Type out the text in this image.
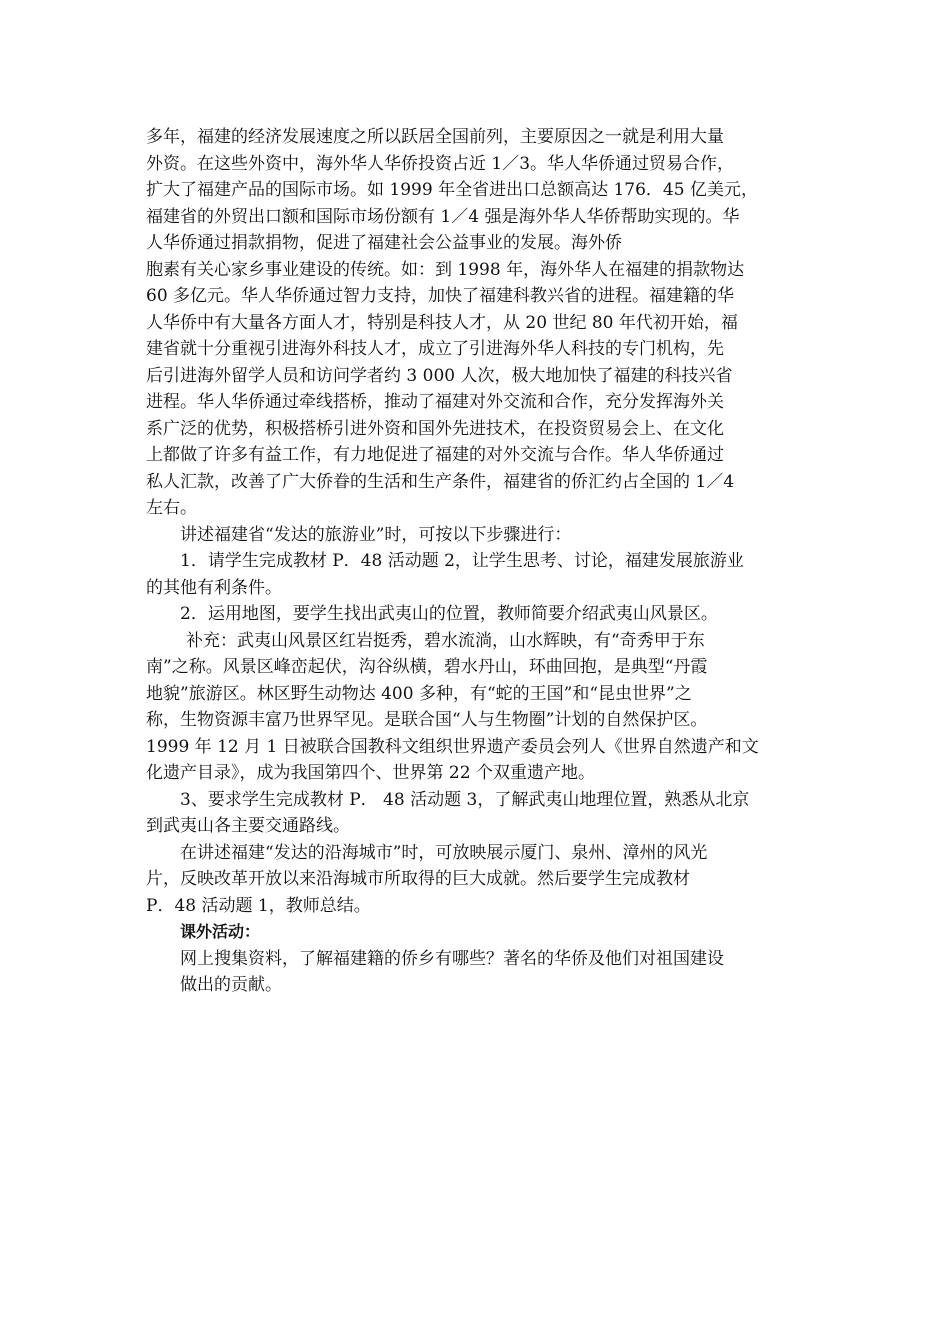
多年，福建的经济发展速度之所以跃居全国前列，主要原因之一就是利用大量
外资。在这些外资中，海外华人华侨投资占近 1／3。华人华侨通过贸易合作，
扩大了福建产品的国际市场。如 1999 年全省进出口总额高达 176．45 亿美元，
福建省的外贸出口额和国际市场份额有 1／4 强是海外华人华侨帮助实现的。华
人华侨通过捐款捐物，促进了福建社会公益事业的发展。海外侨
胞素有关心家乡事业建设的传统。如：到 1998 年，海外华人在福建的捐款物达
60 多亿元。华人华侨通过智力支持，加快了福建科教兴省的进程。福建籍的华
人华侨中有大量各方面人才，特别是科技人才，从 20 世纪 80 年代初开始，福
建省就十分重视引进海外科技人才，成立了引进海外华人科技的专门机构，先
后引进海外留学人员和访问学者约 3 000 人次，极大地加快了福建的科技兴省
进程。华人华侨通过牵线搭桥，推动了福建对外交流和合作，充分发挥海外关
系广泛的优势，积极搭桥引进外资和国外先进技术，在投资贸易会上、在文化
上都做了许多有益工作，有力地促进了福建的对外交流与合作。华人华侨通过
私人汇款，改善了广大侨眷的生活和生产条件，福建省的侨汇约占全国的 1／4
左右。
讲述福建省“发达的旅游业”时，可按以下步骤进行：
1．请学生完成教材 P．48 活动题 2，让学生思考、讨论，福建发展旅游业
的其他有利条件。
2．运用地图，要学生找出武夷山的位置，教师简要介绍武夷山风景区。
补充：武夷山风景区红岩挺秀，碧水流淌，山水辉映，有“奇秀甲于东
南”之称。风景区峰峦起伏，沟谷纵横，碧水丹山，环曲回抱，是典型“丹霞
地貌”旅游区。林区野生动物达 400 多种，有“蛇的王国”和“昆虫世界”之
称，生物资源丰富乃世界罕见。是联合国“人与生物圈”计划的自然保护区。
1999 年 12 月 1 日被联合国教科文组织世界遗产委员会列人《世界自然遗产和文
化遗产目录》，成为我国第四个、世界第 22 个双重遗产地。
3、要求学生完成教材 P． 48 活动题 3，了解武夷山地理位置，熟悉从北京
到武夷山各主要交通路线。
在讲述福建“发达的沿海城市”时，可放映展示厦门、泉州、漳州的风光
片，反映改革开放以来沿海城市所取得的巨大成就。然后要学生完成教材
P．48 活动题 1，教师总结。
课外活动：
网上搜集资料，了解福建籍的侨乡有哪些？著名的华侨及他们对祖国建设
做出的贡献。
